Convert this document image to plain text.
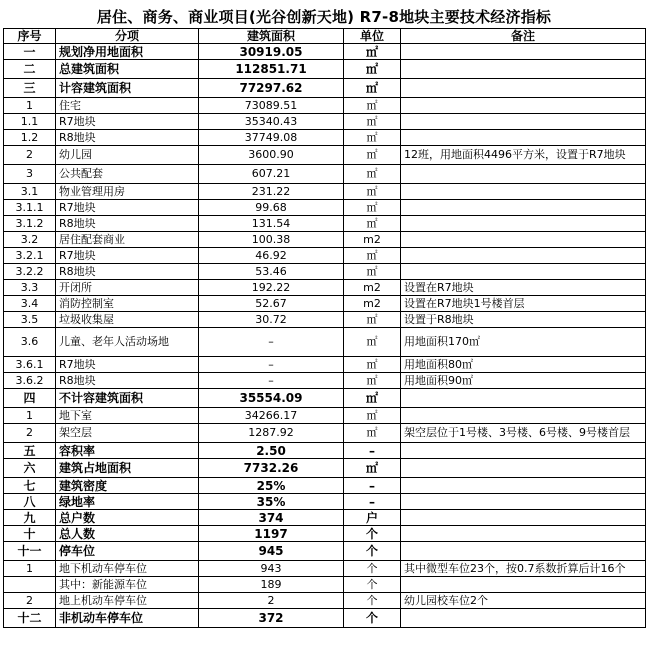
居住、商务、商业项目(光谷创新天地) R7-8地块主要技术经济指标
序号	分项	建筑面积	单位	备注
一	规划净用地面积	30919.05	㎡	
二	总建筑面积	112851.71	㎡	
三	计容建筑面积	77297.62	㎡	
1	住宅	73089.51	㎡	
1.1	R7地块	35340.43	㎡	
1.2	R8地块	37749.08	㎡	
2	幼儿园	3600.90	㎡	12班，用地面积4496平方米，设置于R7地块
3	公共配套	607.21	㎡	
3.1	物业管理用房	231.22	㎡	
3.1.1	R7地块	99.68	㎡	
3.1.2	R8地块	131.54	㎡	
3.2	居住配套商业	100.38	m2	
3.2.1	R7地块	46.92	㎡	
3.2.2	R8地块	53.46	㎡	
3.3	开闭所	192.22	m2	设置在R7地块
3.4	消防控制室	52.67	m2	设置在R7地块1号楼首层
3.5	垃圾收集屋	30.72	㎡	设置于R8地块
3.6	儿童、老年人活动场地	–	㎡	用地面积170㎡
3.6.1	R7地块	–	㎡	用地面积80㎡
3.6.2	R8地块	–	㎡	用地面积90㎡
四	不计容建筑面积	35554.09	㎡	
1	地下室	34266.17	㎡	
2	架空层	1287.92	㎡	架空层位于1号楼、3号楼、6号楼、9号楼首层
五	容积率	2.50	–	
六	建筑占地面积	7732.26	㎡	
七	建筑密度	25%	–	
八	绿地率	35%	–	
九	总户数	374	户	
十	总人数	1197	个	
十一	停车位	945	个	
1	地下机动车停车位	943	个	其中微型车位23个，按0.7系数折算后计16个
	其中：新能源车位	189	个	
2	地上机动车停车位	2	个	幼儿园校车位2个
十二	非机动车停车位	372	个	
